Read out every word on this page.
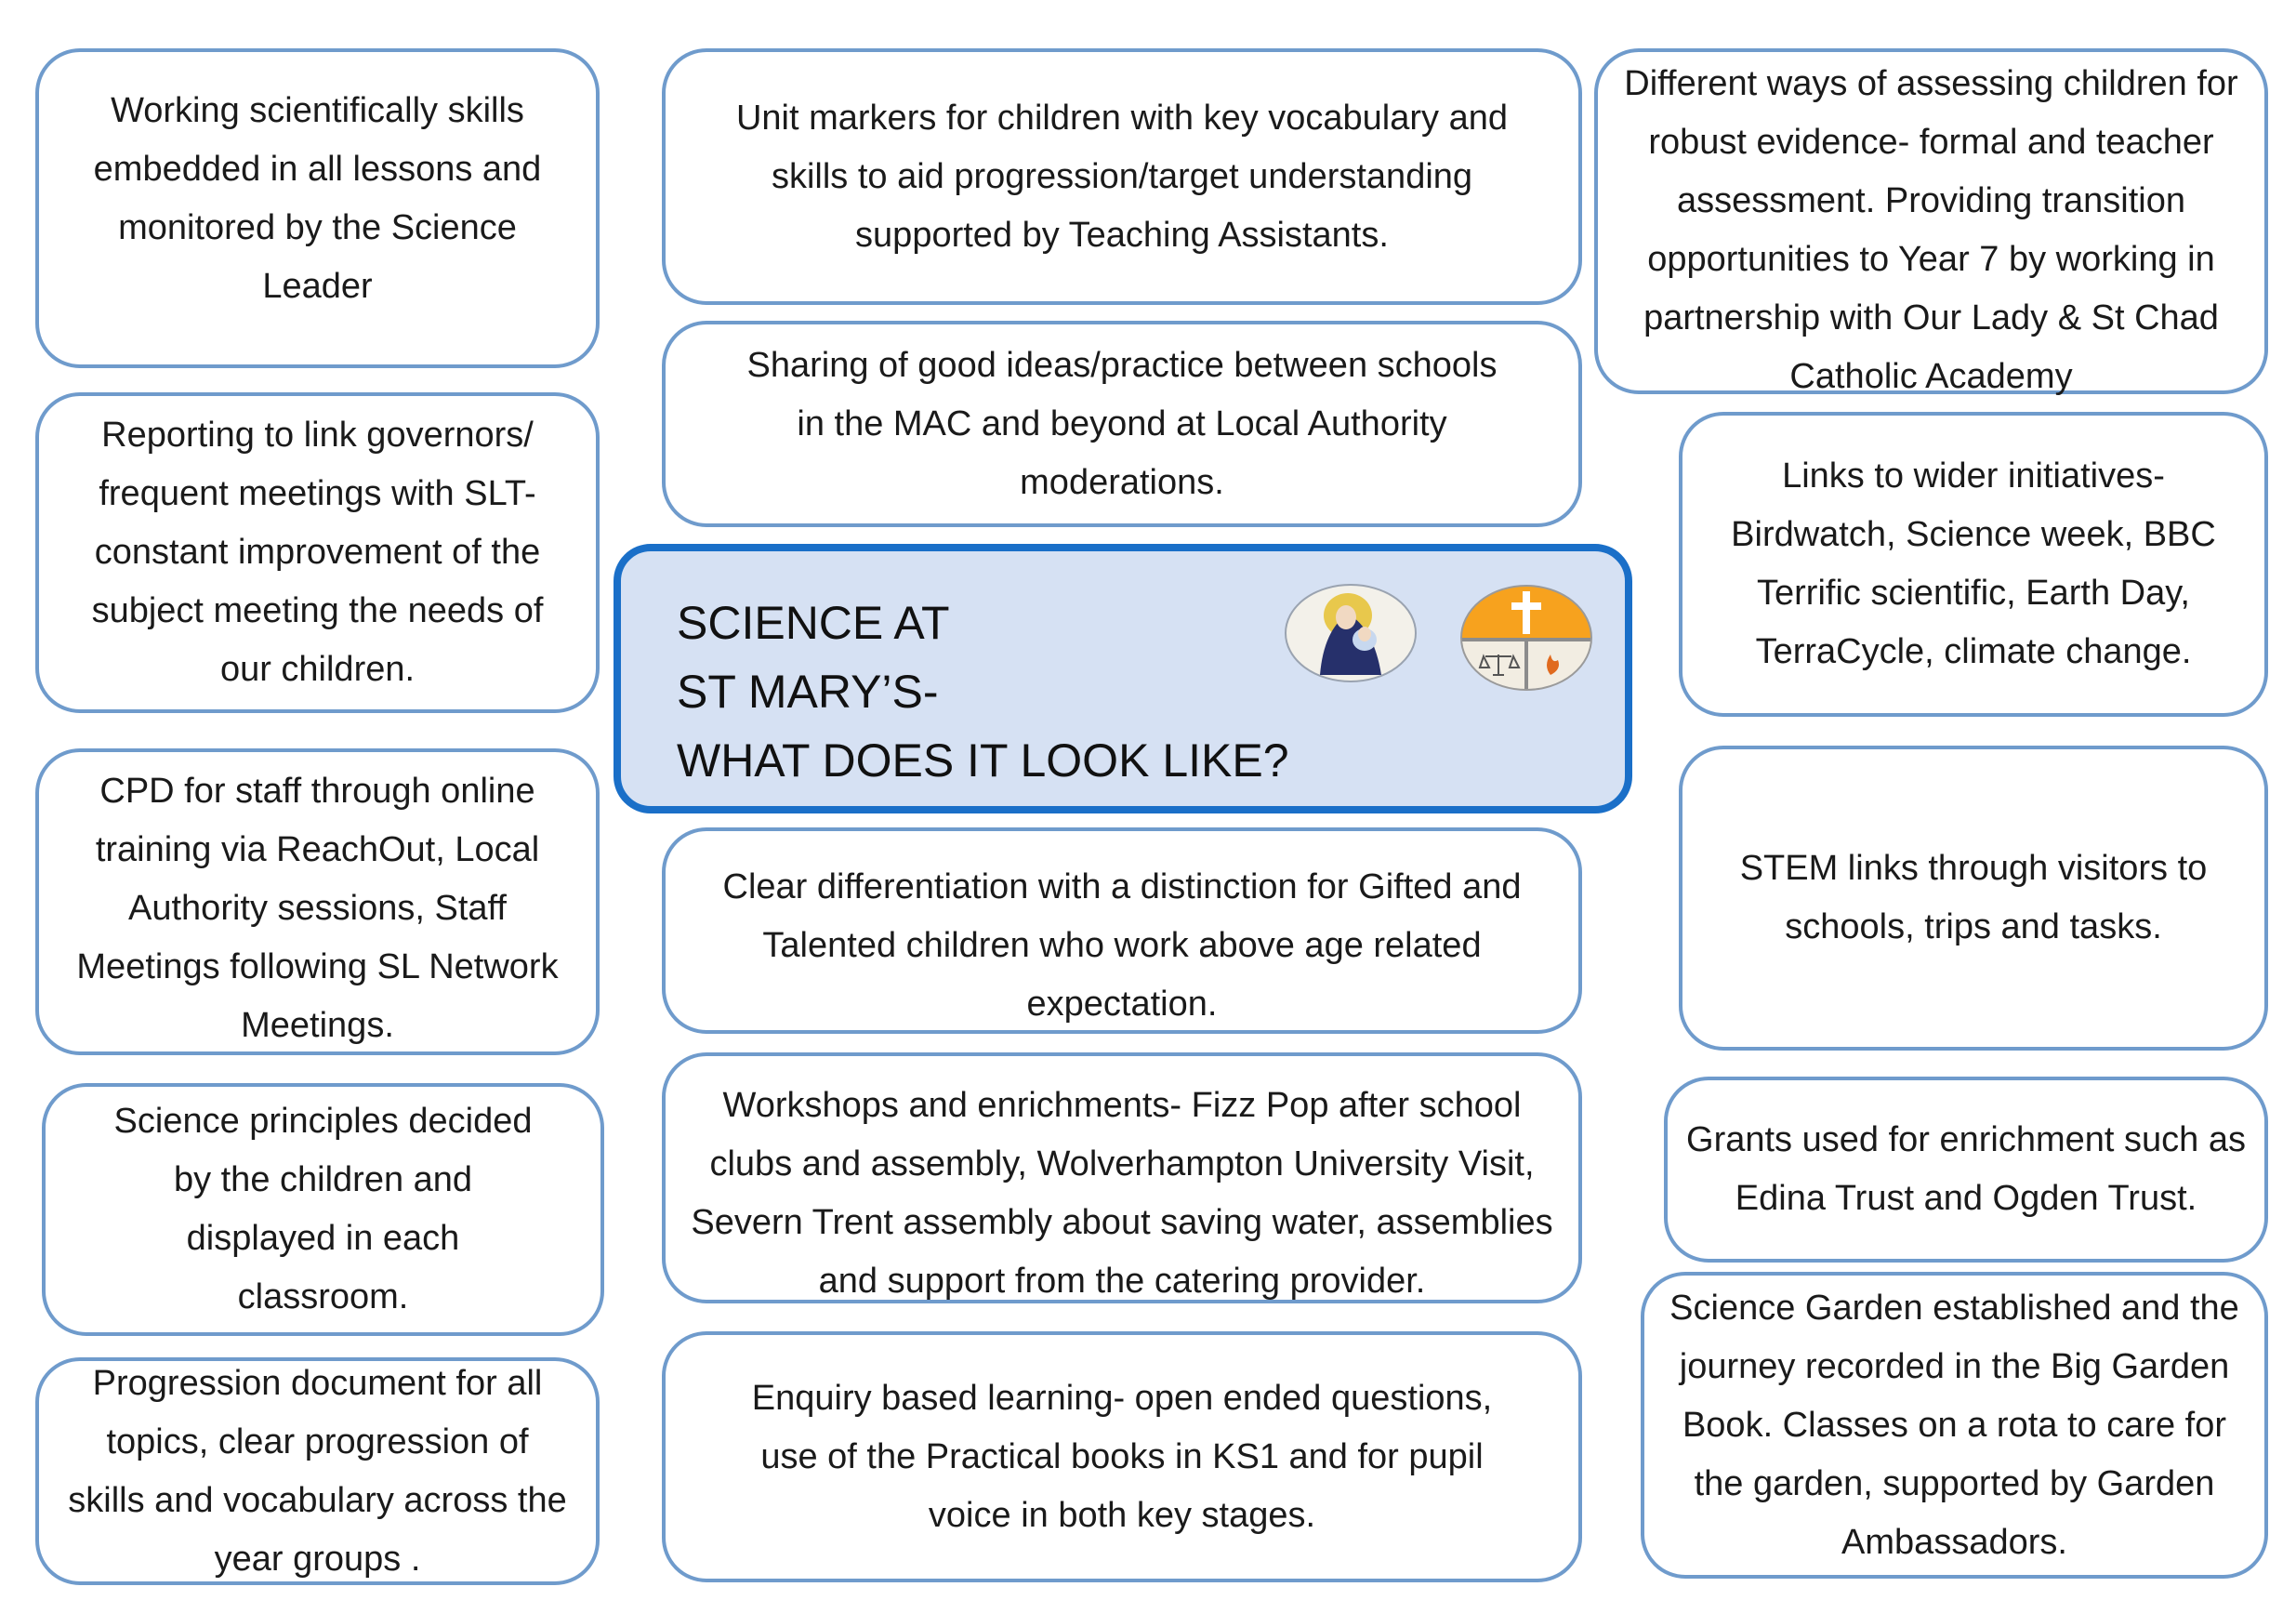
Working scientifically skills embedded in all lessons and monitored by the Science Leader
Reporting to link governors/ frequent meetings with SLT- constant improvement of the subject meeting the needs of our children.
CPD for staff through online training via ReachOut, Local Authority sessions, Staff Meetings following SL Network Meetings.
Science principles decided by the children and displayed in each classroom.
Progression document for all topics, clear progression of skills and vocabulary across the year groups .
Unit markers for children with key vocabulary and skills to aid progression/target understanding supported by Teaching Assistants.
Sharing of good ideas/practice between schools in the MAC and beyond at Local Authority moderations.
SCIENCE AT
ST MARY’S-
WHAT DOES IT LOOK LIKE?
Clear differentiation with a distinction for Gifted and Talented children who work above age related expectation.
Workshops and enrichments- Fizz Pop after school clubs and assembly, Wolverhampton University Visit, Severn Trent assembly about saving water, assemblies and support from the catering provider.
Enquiry based learning- open ended questions, use of the Practical books in KS1 and for pupil voice in both key stages.
Different ways of assessing children for robust evidence- formal and teacher assessment. Providing transition opportunities to Year 7 by working in partnership with Our Lady & St Chad Catholic Academy
Links to wider initiatives- Birdwatch, Science week, BBC Terrific scientific, Earth Day, TerraCycle, climate change.
STEM links through visitors to schools, trips and tasks.
Grants used for enrichment such as Edina Trust and Ogden Trust.
Science Garden established and the journey recorded in the Big Garden Book. Classes on a rota to care for the garden, supported by Garden Ambassadors.
